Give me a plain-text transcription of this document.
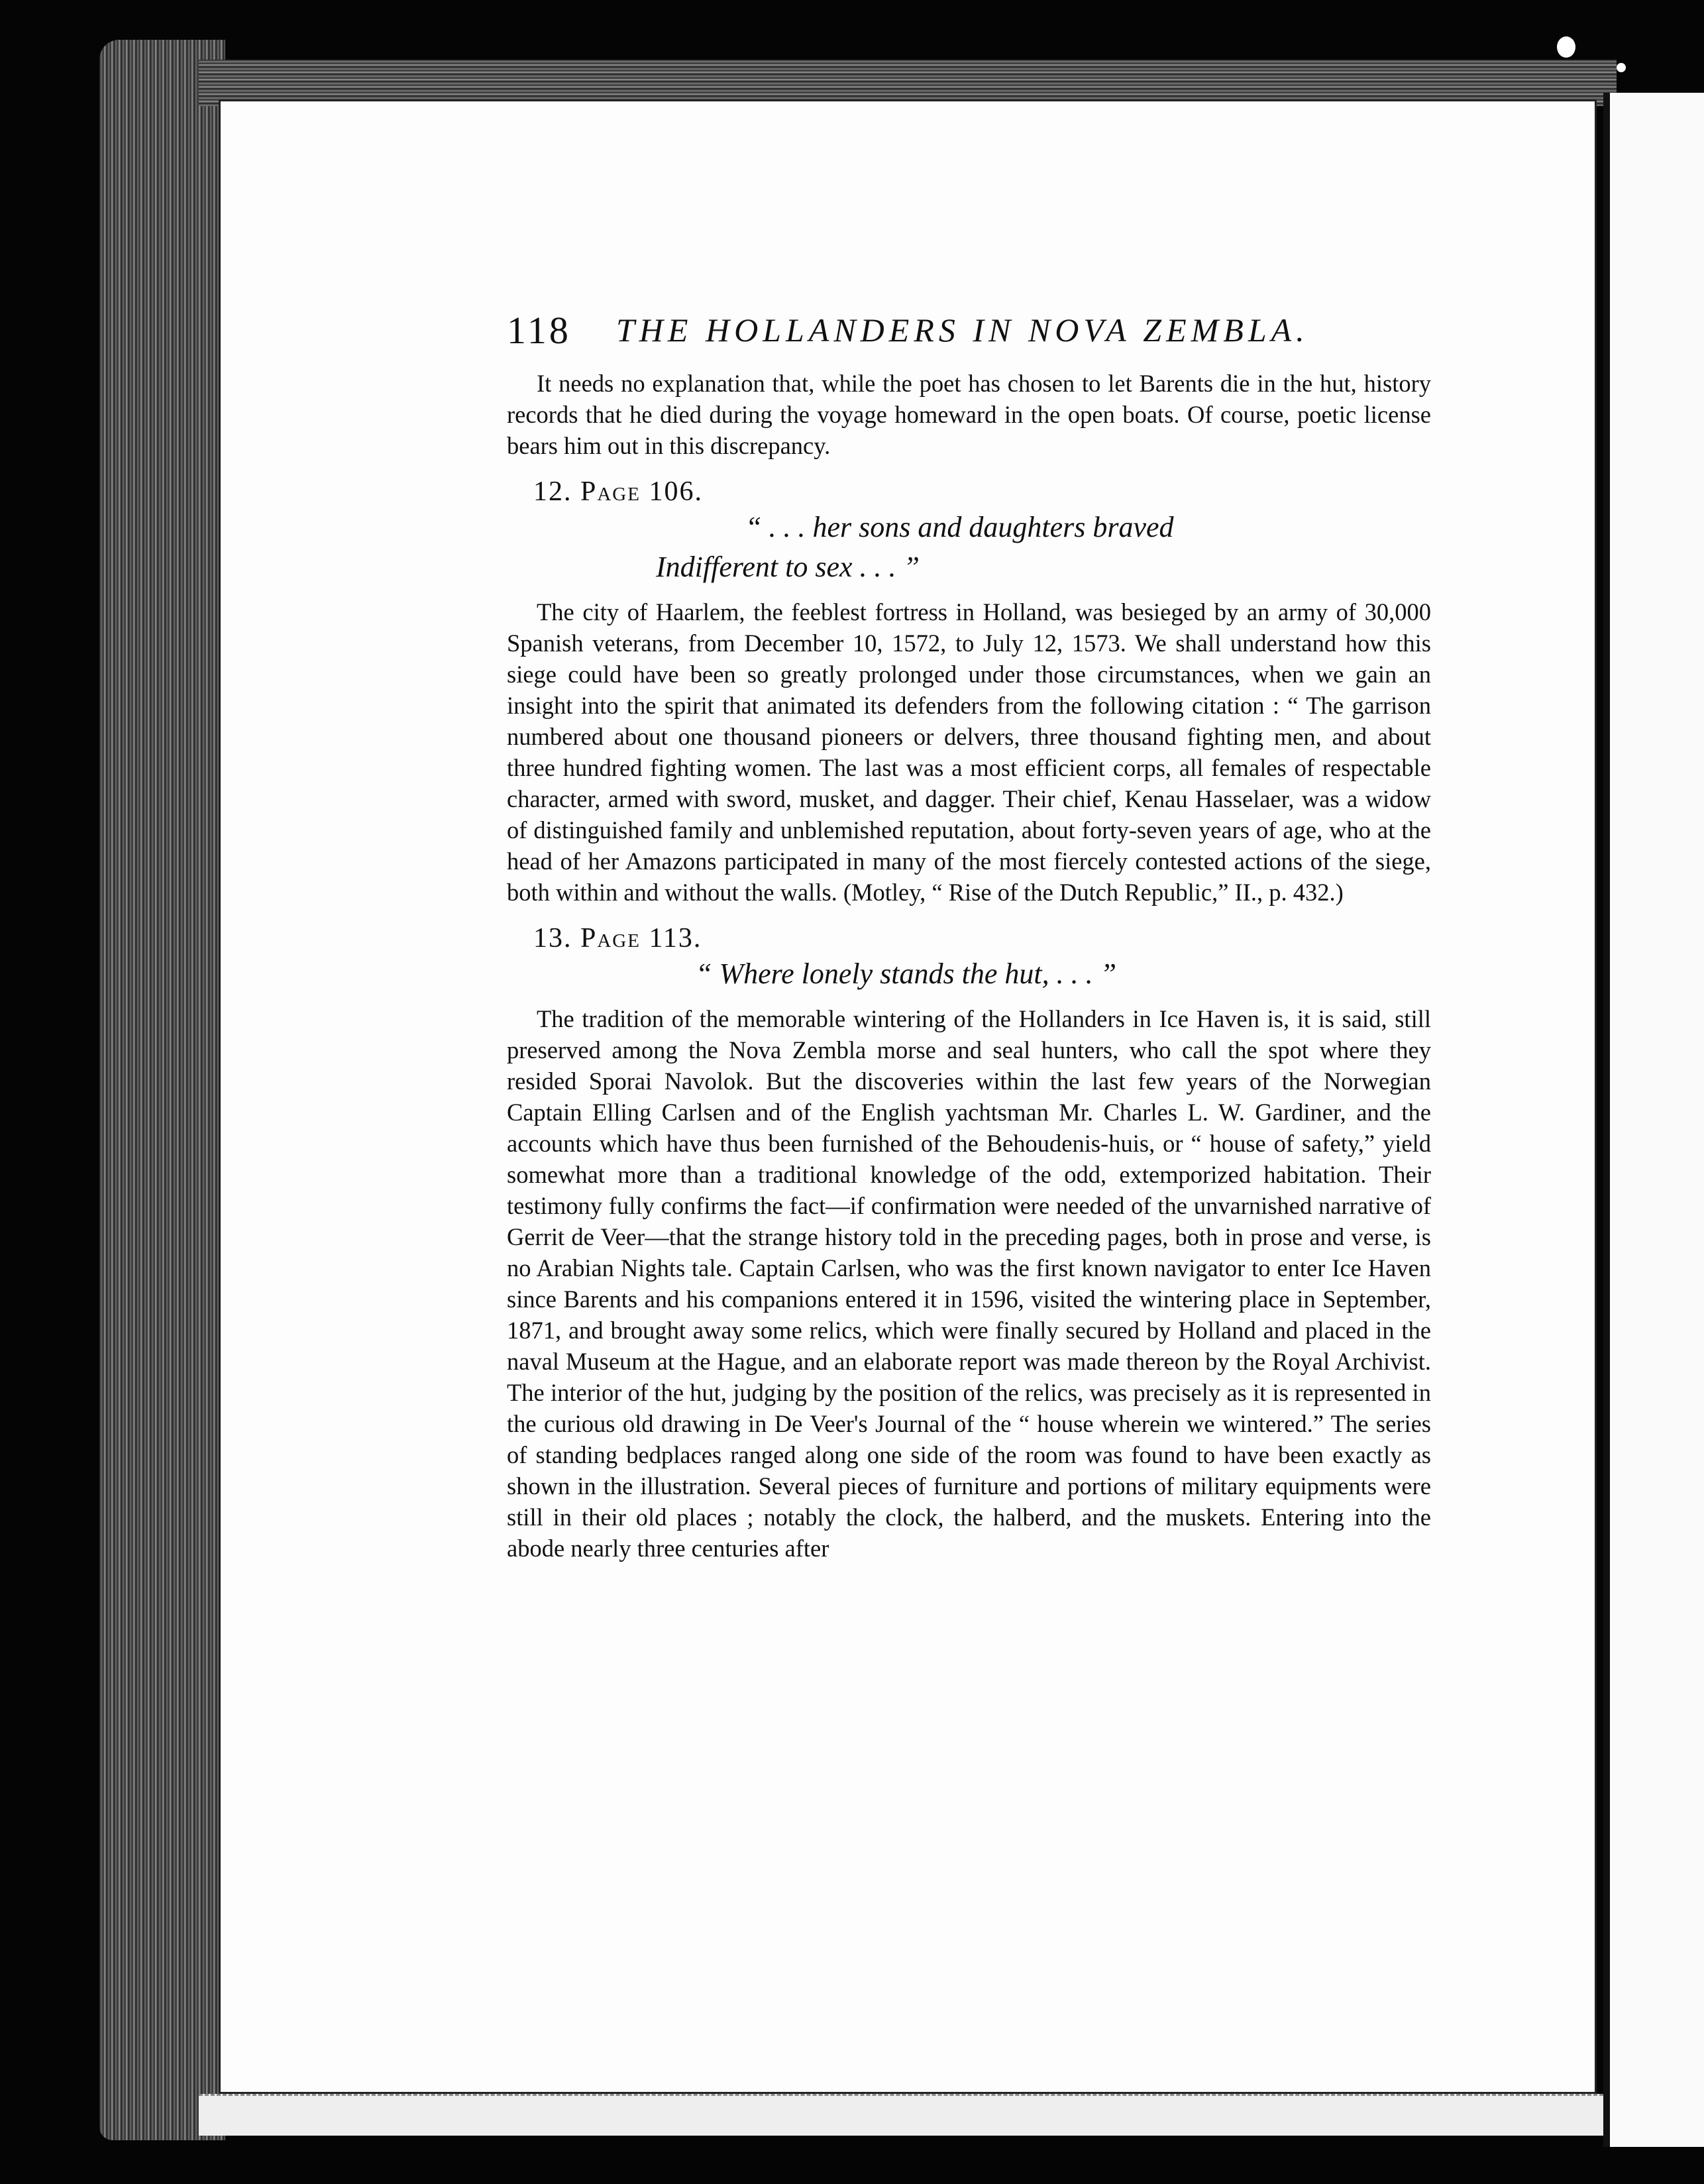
118 THE HOLLANDERS IN NOVA ZEMBLA.

It needs no explanation that, while the poet has chosen to let Barents die in the hut, history records that he died during the voyage homeward in the open boats. Of course, poetic license bears him out in this discrepancy.

12. Page 106.
“ . . . her sons and daughters braved
Indifferent to sex . . . ”

The city of Haarlem, the feeblest fortress in Holland, was besieged by an army of 30,000 Spanish veterans, from December 10, 1572, to July 12, 1573. We shall understand how this siege could have been so greatly prolonged under those circumstances, when we gain an insight into the spirit that animated its defenders from the following citation : “ The garrison numbered about one thousand pioneers or delvers, three thousand fighting men, and about three hundred fighting women. The last was a most efficient corps, all females of respectable character, armed with sword, musket, and dagger. Their chief, Kenau Hasselaer, was a widow of distinguished family and unblemished reputation, about forty-seven years of age, who at the head of her Amazons participated in many of the most fiercely contested actions of the siege, both within and without the walls. (Motley, “ Rise of the Dutch Republic,” II., p. 432.)

13. Page 113.
“ Where lonely stands the hut, . . . ”

The tradition of the memorable wintering of the Hollanders in Ice Haven is, it is said, still preserved among the Nova Zembla morse and seal hunters, who call the spot where they resided Sporai Navolok. But the discoveries within the last few years of the Norwegian Captain Elling Carlsen and of the English yachtsman Mr. Charles L. W. Gardiner, and the accounts which have thus been furnished of the Behoudenis-huis, or “ house of safety,” yield somewhat more than a traditional knowledge of the odd, extemporized habitation. Their testimony fully confirms the fact—if confirmation were needed of the unvarnished narrative of Gerrit de Veer—that the strange history told in the preceding pages, both in prose and verse, is no Arabian Nights tale. Captain Carlsen, who was the first known navigator to enter Ice Haven since Barents and his companions entered it in 1596, visited the wintering place in September, 1871, and brought away some relics, which were finally secured by Holland and placed in the naval Museum at the Hague, and an elaborate report was made thereon by the Royal Archivist. The interior of the hut, judging by the position of the relics, was precisely as it is represented in the curious old drawing in De Veer's Journal of the “ house wherein we wintered.” The series of standing bedplaces ranged along one side of the room was found to have been exactly as shown in the illustration. Several pieces of furniture and portions of military equipments were still in their old places ; notably the clock, the halberd, and the muskets. Entering into the abode nearly three centuries after
